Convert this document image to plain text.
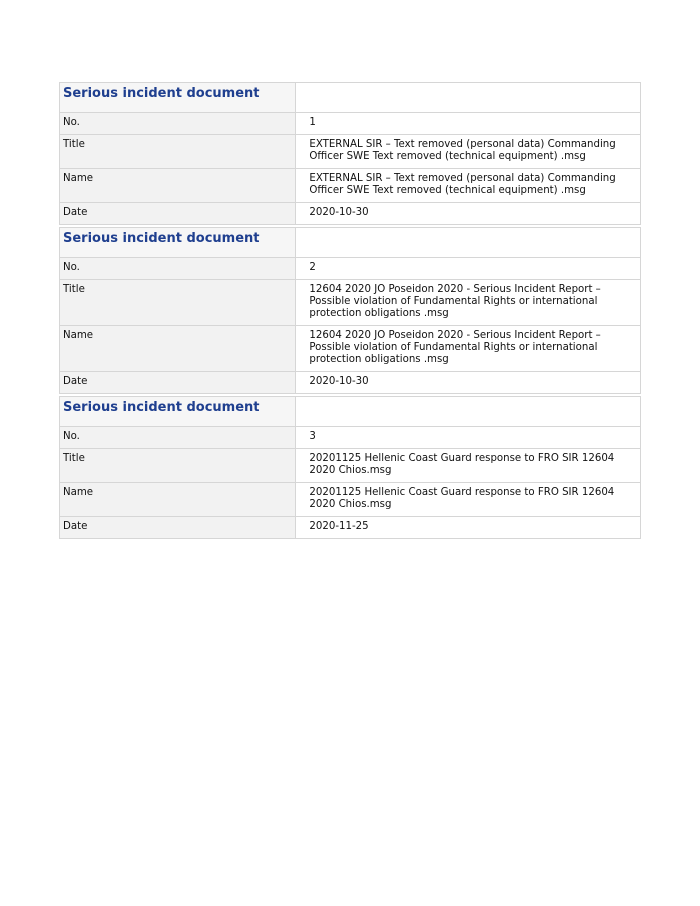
Serious incident document	
No.	1
Title	EXTERNAL SIR – Text removed (personal data) Commanding Officer SWE Text removed (technical equipment) .msg
Name	EXTERNAL SIR – Text removed (personal data) Commanding Officer SWE Text removed (technical equipment) .msg
Date	2020-10-30

Serious incident document	
No.	2
Title	12604 2020 JO Poseidon 2020 - Serious Incident Report – Possible violation of Fundamental Rights or international protection obligations .msg
Name	12604 2020 JO Poseidon 2020 - Serious Incident Report – Possible violation of Fundamental Rights or international protection obligations .msg
Date	2020-10-30

Serious incident document	
No.	3
Title	20201125 Hellenic Coast Guard response to FRO SIR 12604 2020 Chios.msg
Name	20201125 Hellenic Coast Guard response to FRO SIR 12604 2020 Chios.msg
Date	2020-11-25
